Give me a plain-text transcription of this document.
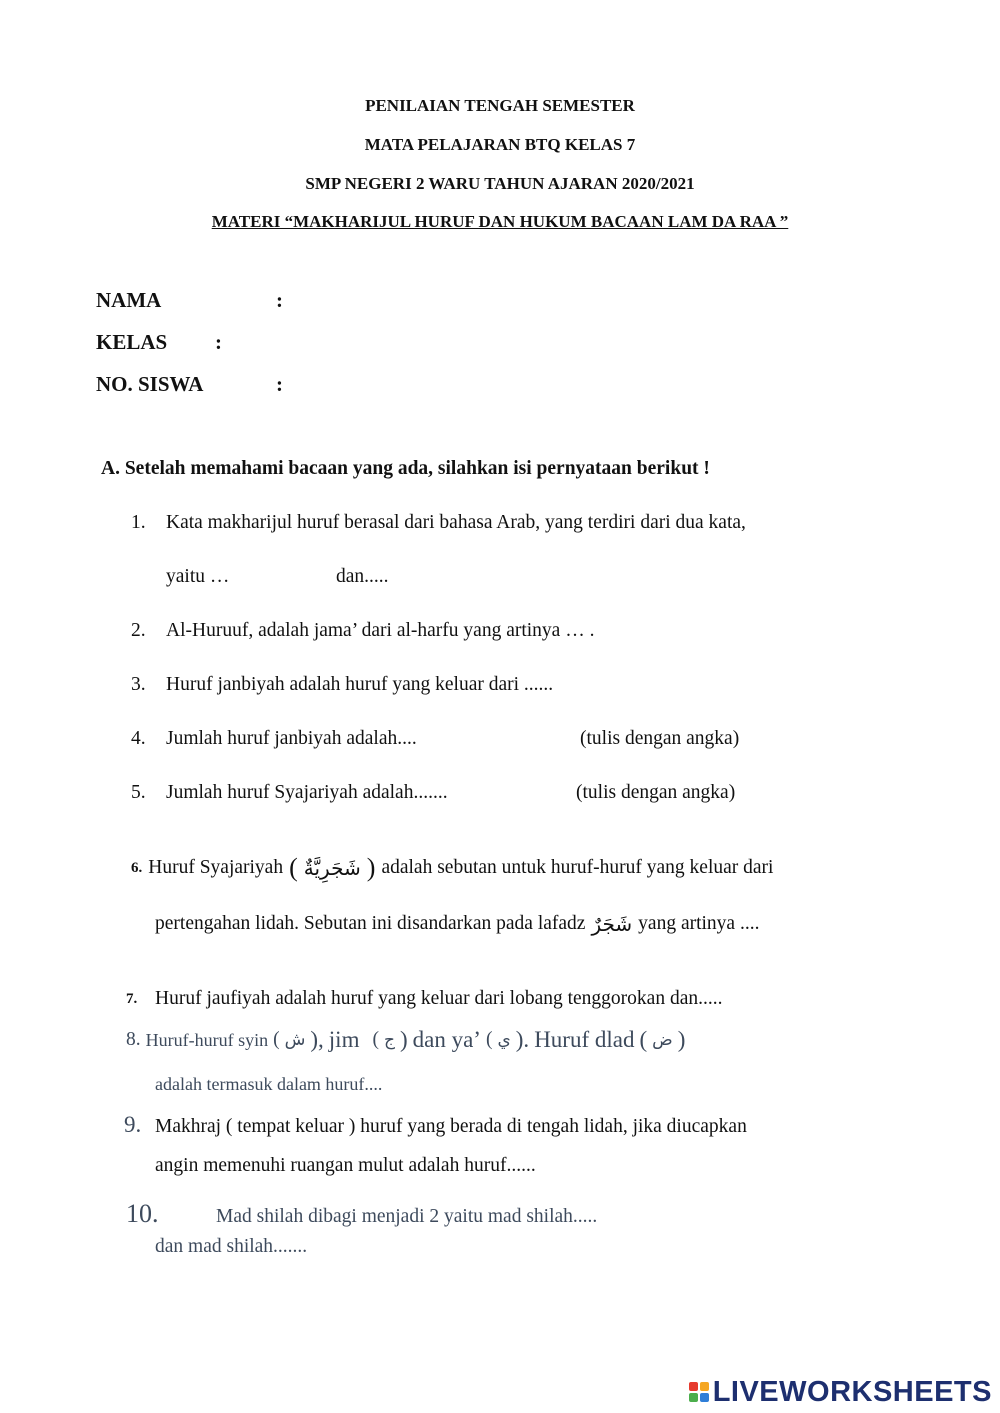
PENILAIAN TENGAH SEMESTER
MATA PELAJARAN BTQ KELAS 7
SMP NEGERI 2 WARU TAHUN AJARAN 2020/2021
MATERI “MAKHARIJUL HURUF DAN HUKUM BACAAN LAM DA RAA ”
NAMA	:
KELAS :
NO. SISWA	:
A. Setelah memahami bacaan yang ada, silahkan isi pernyataan berikut !
1. Kata makharijul huruf berasal dari bahasa Arab, yang terdiri dari dua kata,
yaitu …	dan.....
2. Al-Huruuf, adalah jama’ dari al-harfu yang artinya … .
3. Huruf janbiyah adalah huruf yang keluar dari ......
4. Jumlah huruf janbiyah adalah....	(tulis dengan angka)
5. Jumlah huruf Syajariyah adalah.......	(tulis dengan angka)
6. Huruf Syajariyah ( شَجَرِيَّةٌ ) adalah sebutan untuk huruf-huruf yang keluar dari
pertengahan lidah. Sebutan ini disandarkan pada lafadz شَجَرٌ yang artinya ....
7. Huruf jaufiyah adalah huruf yang keluar dari lobang tenggorokan dan.....
8. Huruf-huruf syin ( ش ), jim ( ج ) dan ya’ ( ي ). Huruf dlad ( ض )
adalah termasuk dalam huruf....
9. Makhraj ( tempat keluar ) huruf yang berada di tengah lidah, jika diucapkan
angin memenuhi ruangan mulut adalah huruf......
10.	Mad shilah dibagi menjadi 2 yaitu mad shilah.....
dan mad shilah.......
LIVEWORKSHEETS
